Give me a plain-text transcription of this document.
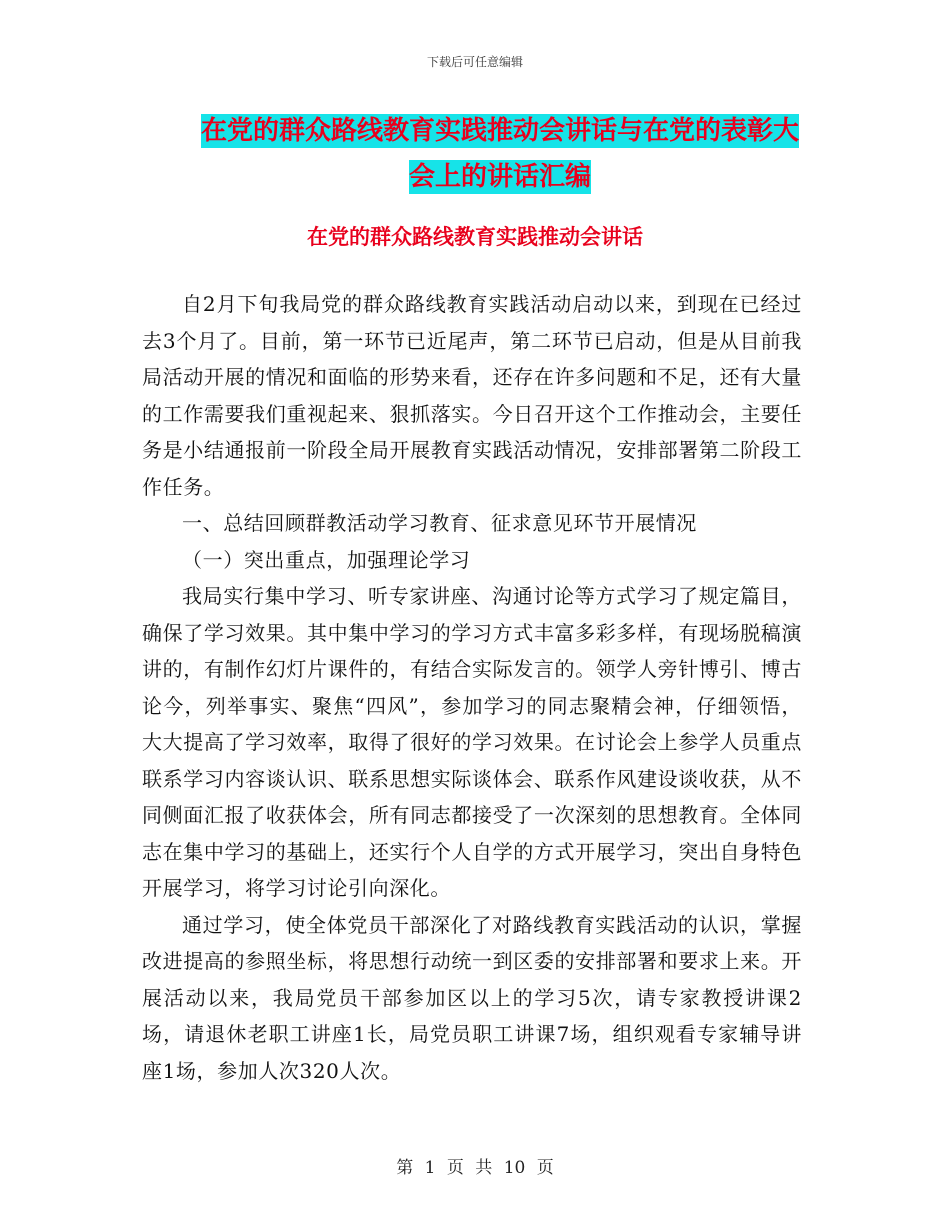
下载后可任意编辑
在党的群众路线教育实践推动会讲话与在党的表彰大
会上的讲话汇编
在党的群众路线教育实践推动会讲话

自2月下旬我局党的群众路线教育实践活动启动以来，到现在已经过去3个月了。目前，第一环节已近尾声，第二环节已启动，但是从目前我局活动开展的情况和面临的形势来看，还存在许多问题和不足，还有大量的工作需要我们重视起来、狠抓落实。今日召开这个工作推动会，主要任务是小结通报前一阶段全局开展教育实践活动情况，安排部署第二阶段工作任务。

一、总结回顾群教活动学习教育、征求意见环节开展情况

（一）突出重点，加强理论学习

我局实行集中学习、听专家讲座、沟通讨论等方式学习了规定篇目，确保了学习效果。其中集中学习的学习方式丰富多彩多样，有现场脱稿演讲的，有制作幻灯片课件的，有结合实际发言的。领学人旁针博引、博古论今，列举事实、聚焦“四风”，参加学习的同志聚精会神，仔细领悟，大大提高了学习效率，取得了很好的学习效果。在讨论会上参学人员重点联系学习内容谈认识、联系思想实际谈体会、联系作风建设谈收获，从不同侧面汇报了收获体会，所有同志都接受了一次深刻的思想教育。全体同志在集中学习的基础上，还实行个人自学的方式开展学习，突出自身特色开展学习，将学习讨论引向深化。

通过学习，使全体党员干部深化了对路线教育实践活动的认识，掌握改进提高的参照坐标，将思想行动统一到区委的安排部署和要求上来。开展活动以来，我局党员干部参加区以上的学习5次，请专家教授讲课2场，请退休老职工讲座1长，局党员职工讲课7场，组织观看专家辅导讲座1场，参加人次320人次。

第 1 页 共 10 页
